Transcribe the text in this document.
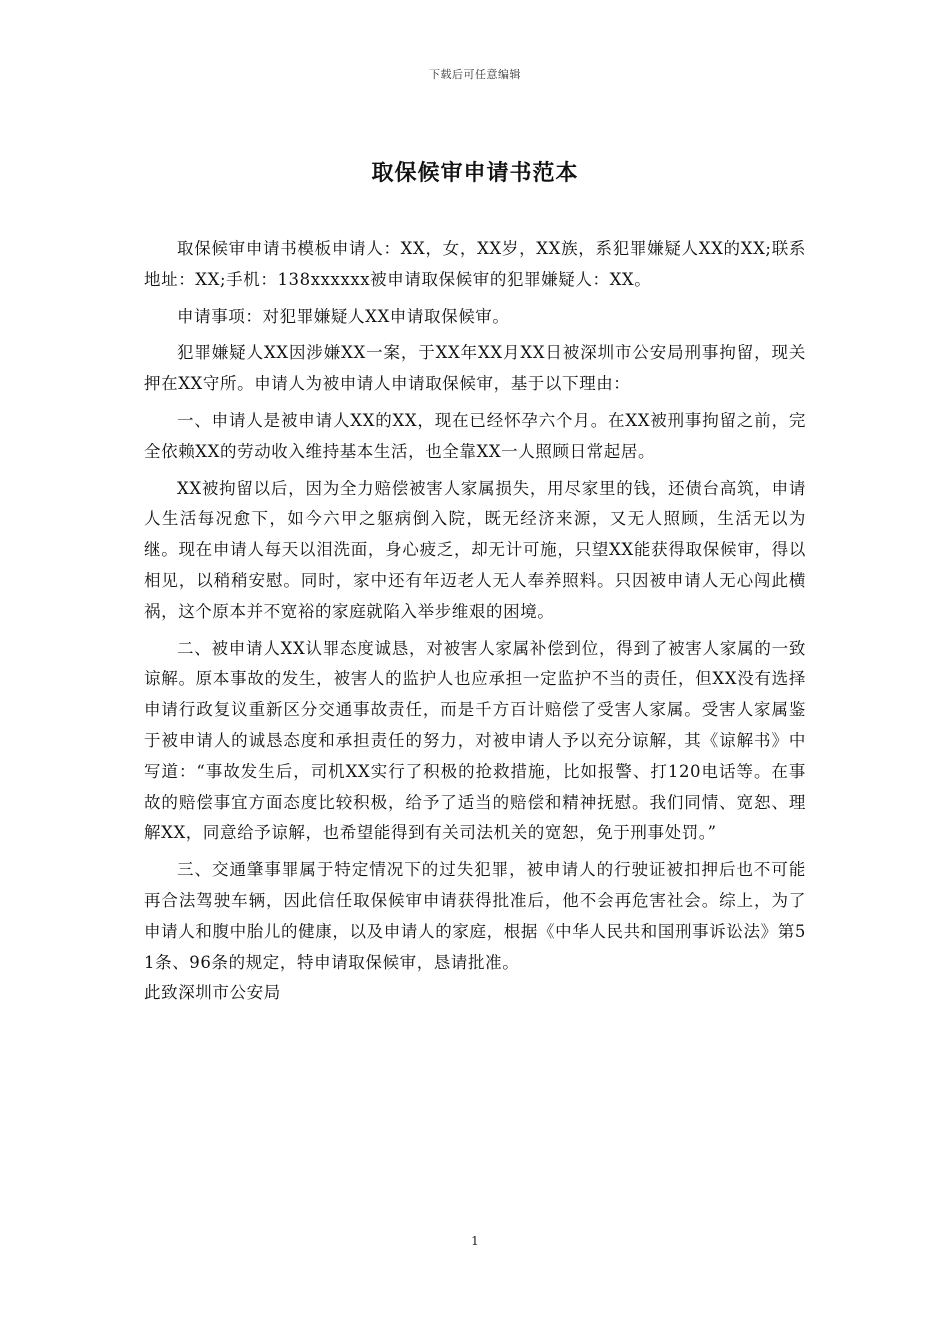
下载后可任意编辑
取保候审申请书范本

取保候审申请书模板申请人：XX，女，XX岁，XX族，系犯罪嫌疑人XX的XX;联系地址：XX;手机：138xxxxxx被申请取保候审的犯罪嫌疑人：XX。

申请事项：对犯罪嫌疑人XX申请取保候审。

犯罪嫌疑人XX因涉嫌XX一案，于XX年XX月XX日被深圳市公安局刑事拘留，现关押在XX守所。申请人为被申请人申请取保候审，基于以下理由：

一、申请人是被申请人XX的XX，现在已经怀孕六个月。在XX被刑事拘留之前，完全依赖XX的劳动收入维持基本生活，也全靠XX一人照顾日常起居。

XX被拘留以后，因为全力赔偿被害人家属损失，用尽家里的钱，还债台高筑，申请人生活每况愈下，如今六甲之躯病倒入院，既无经济来源，又无人照顾，生活无以为继。现在申请人每天以泪洗面，身心疲乏，却无计可施，只望XX能获得取保候审，得以相见，以稍稍安慰。同时，家中还有年迈老人无人奉养照料。只因被申请人无心闯此横祸，这个原本并不宽裕的家庭就陷入举步维艰的困境。

二、被申请人XX认罪态度诚恳，对被害人家属补偿到位，得到了被害人家属的一致谅解。原本事故的发生，被害人的监护人也应承担一定监护不当的责任，但XX没有选择申请行政复议重新区分交通事故责任，而是千方百计赔偿了受害人家属。受害人家属鉴于被申请人的诚恳态度和承担责任的努力，对被申请人予以充分谅解，其《谅解书》中写道：“事故发生后，司机XX实行了积极的抢救措施，比如报警、打120电话等。在事故的赔偿事宜方面态度比较积极，给予了适当的赔偿和精神抚慰。我们同情、宽恕、理解XX，同意给予谅解，也希望能得到有关司法机关的宽恕，免于刑事处罚。”

三、交通肇事罪属于特定情况下的过失犯罪，被申请人的行驶证被扣押后也不可能再合法驾驶车辆，因此信任取保候审申请获得批准后，他不会再危害社会。综上，为了申请人和腹中胎儿的健康，以及申请人的家庭，根据《中华人民共和国刑事诉讼法》第51条、96条的规定，特申请取保候审，恳请批准。

此致深圳市公安局

1
